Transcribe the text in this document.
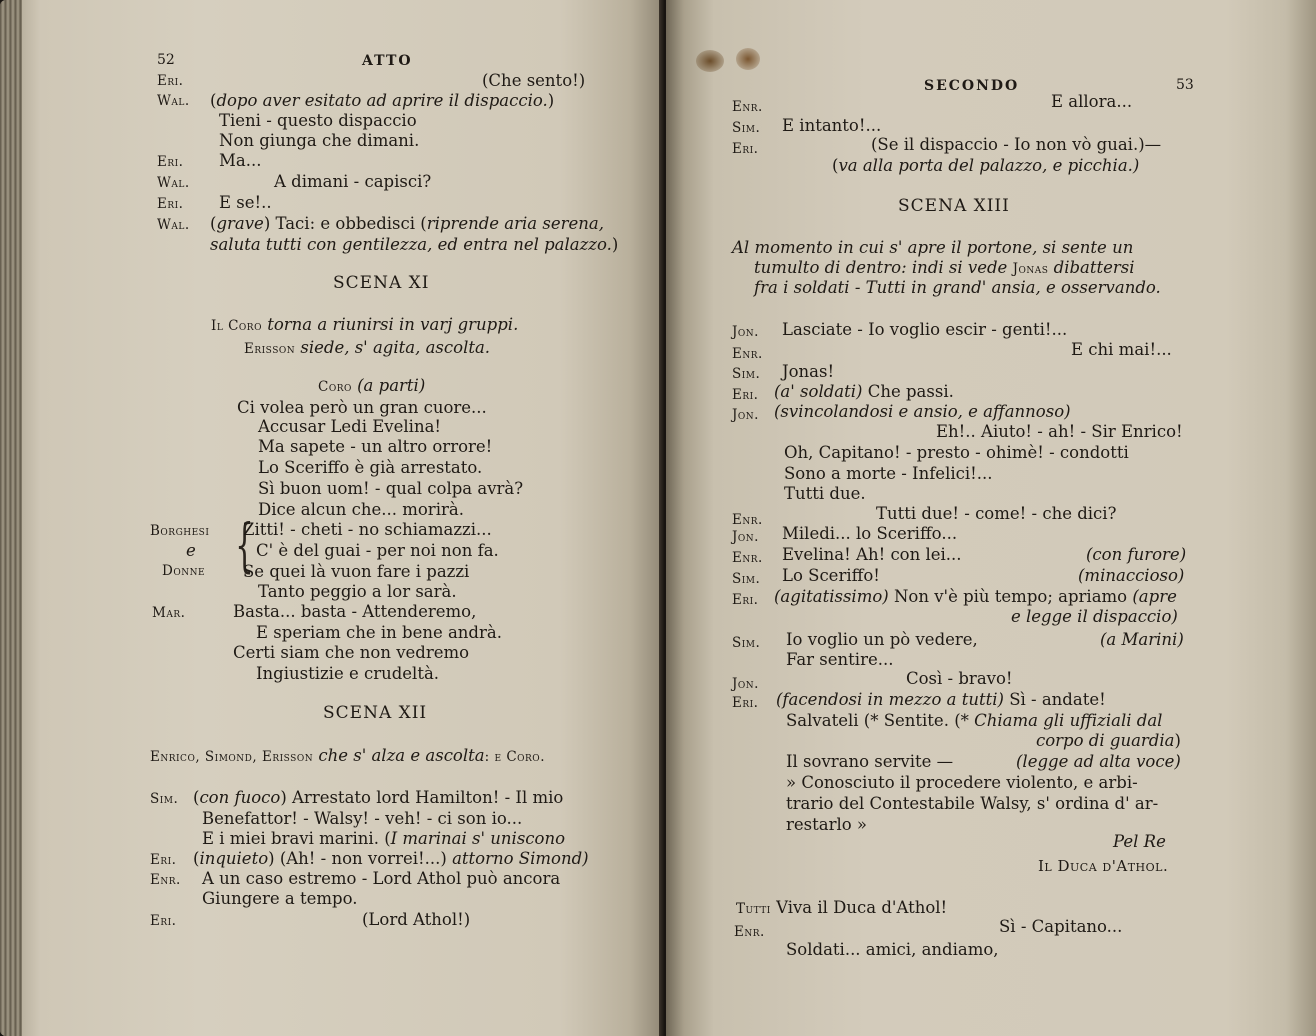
52	ATTO
Eri.	(Che sento!)
Wal. (dopo aver esitato ad aprire il dispaccio.)
Tieni - questo dispaccio
Non giunga che dimani.
Eri. Ma...
Wal.	A dimani - capisci?
Eri. E se!..
Wal. (grave) Taci: e obbedisci (riprende aria serena,
saluta tutti con gentilezza, ed entra nel palazzo.)
SCENA XI
Il Coro torna a riunirsi in varj gruppi.
Erisson siede, s' agita, ascolta.
Coro (a parti)
Ci volea però un gran cuore...
Accusar Ledi Evelina!
Ma sapete - un altro orrore!
Lo Sceriffo è già arrestato.
Sì buon uom! - qual colpa avrà?
Dice alcun che... morirà.
Borghesi
e
Donne {
Zitti! - cheti - no schiamazzi...
C' è del guai - per noi non fa.
Se quei là vuon fare i pazzi
Tanto peggio a lor sarà.
Mar.	Basta... basta - Attenderemo,
E speriam che in bene andrà.
Certi siam che non vedremo
Ingiustizie e crudeltà.
SCENA XII
Enrico, Simond, Erisson che s' alza e ascolta: e Coro.
Sim. (con fuoco) Arrestato lord Hamilton! - Il mio
Benefattor! - Walsy! - veh! - ci son io...
E i miei bravi marini. (I marinai s' uniscono
Eri. (inquieto) (Ah! - non vorrei!...) attorno Simond)
Enr. A un caso estremo - Lord Athol può ancora
Giungere a tempo.
Eri.	(Lord Athol!)
SECONDO	53
Enr.	E allora...
Sim. E intanto!...
Eri.	(Se il dispaccio - Io non vò guai.)—
(va alla porta del palazzo, e picchia.)
SCENA XIII
Al momento in cui s' apre il portone, si sente un
tumulto di dentro: indi si vede Jonas dibattersi
fra i soldati - Tutti in grand' ansia, e osservando.
Jon. Lasciate - Io voglio escir - genti!...
Enr.	E chi mai!...
Sim. Jonas!
Eri. (a' soldati) Che passi.
Jon. (svincolandosi e ansio, e affannoso)
Eh!.. Aiuto! - ah! - Sir Enrico!
Oh, Capitano! - presto - ohimè! - condotti
Sono a morte - Infelici!...
Tutti due.
Enr.	Tutti due! - come! - che dici?
Jon. Miledi... lo Sceriffo...
Enr. Evelina! Ah! con lei...	(con furore)
Sim. Lo Sceriffo!	(minaccioso)
Eri. (agitatissimo) Non v'è più tempo; apriamo (apre
e legge il dispaccio)
Sim. Io voglio un pò vedere,	(a Marini)
Far sentire...
Jon.	Così - bravo!
Eri. (facendosi in mezzo a tutti) Sì - andate!
Salvateli (* Sentite. (* Chiama gli uffiziali dal
corpo di guardia)
Il sovrano servite —	(legge ad alta voce)
» Conosciuto il procedere violento, e arbi-
trario del Contestabile Walsy, s' ordina d' ar-
restarlo »
Pel Re
Il Duca d'Athol.
Tutti Viva il Duca d'Athol!
Enr.	Sì - Capitano...
Soldati... amici, andiamo,
